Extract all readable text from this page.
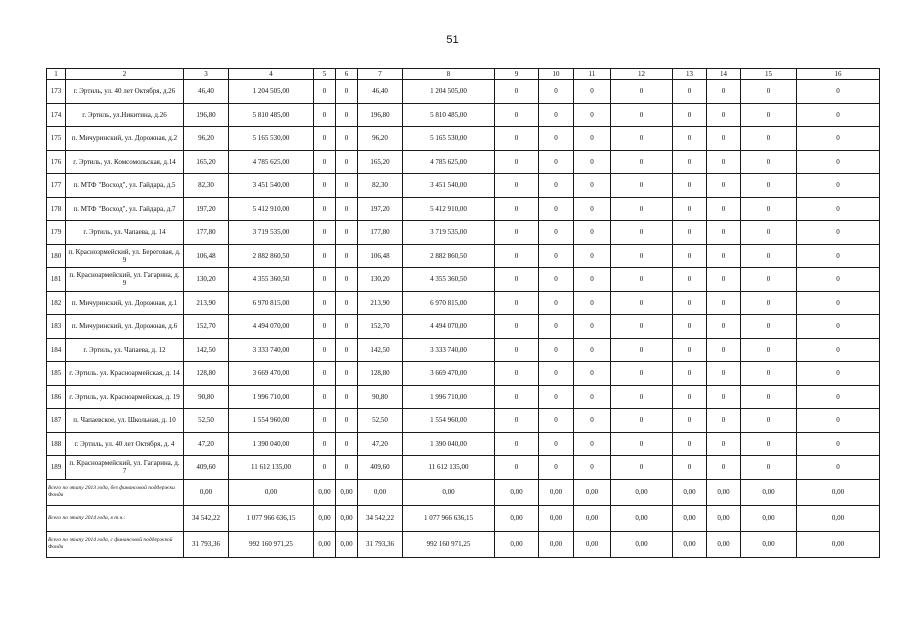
51
1	2	3	4	5	6	7	8	9	10	11	12	13	14	15	16
173	г. Эртиль, ул. 40 лет Октября, д.26	46,40	1 204 505,00	0	0	46,40	1 204 505,00	0	0	0	0	0	0	0	0
174	г. Эртиль, ул.Никитина, д.26	196,80	5 810 485,00	0	0	196,80	5 810 485,00	0	0	0	0	0	0	0	0
175	п. Мичуринский, ул. Дорожная, д.2	96,20	5 165 530,00	0	0	96,20	5 165 530,00	0	0	0	0	0	0	0	0
176	г. Эртиль, ул. Комсомольская, д.14	165,20	4 785 625,00	0	0	165,20	4 785 625,00	0	0	0	0	0	0	0	0
177	п. МТФ "Восход", ул. Гайдара, д.5	82,30	3 451 540,00	0	0	82,30	3 451 540,00	0	0	0	0	0	0	0	0
178	п. МТФ "Восход", ул. Гайдара, д.7	197,20	5 412 910,00	0	0	197,20	5 412 910,00	0	0	0	0	0	0	0	0
179	г. Эртиль, ул. Чапаева, д. 14	177,80	3 719 535,00	0	0	177,80	3 719 535,00	0	0	0	0	0	0	0	0
180	п. Краснозрмейский, ул. Береговая, д. 9	106,48	2 882 860,50	0	0	106,48	2 882 860,50	0	0	0	0	0	0	0	0
181	п. Красноармейский, ул. Гагарина, д. 9	130,20	4 355 360,50	0	0	130,20	4 355 360,50	0	0	0	0	0	0	0	0
182	п. Мичуринский, ул. Дорожная, д.1	213,90	6 970 815,00	0	0	213,90	6 970 815,00	0	0	0	0	0	0	0	0
183	п. Мичуринский, ул. Дорожная, д.6	152,70	4 494 070,00	0	0	152,70	4 494 070,00	0	0	0	0	0	0	0	0
184	г. Эртиль, ул. Чапаева, д. 12	142,50	3 333 740,00	0	0	142,50	3 333 740,00	0	0	0	0	0	0	0	0
185	г. Эртиль. ул. Красноармейская, д. 14	128,80	3 669 470,00	0	0	128,80	3 669 470,00	0	0	0	0	0	0	0	0
186	г. Эртиль, ул. Красноармейская, д. 19	90,80	1 996 710,00	0	0	90,80	1 996 710,00	0	0	0	0	0	0	0	0
187	п. Чапаевское, ул. Школьная, д. 10	52,50	1 554 960,00	0	0	52,50	1 554 960,00	0	0	0	0	0	0	0	0
188	г. Эртиль, ул. 40 лет Октября, д. 4	47,20	1 390 040,00	0	0	47,20	1 390 040,00	0	0	0	0	0	0	0	0
189	п. Красноармейский, ул. Гагарина, д. 7	409,60	11 612 135,00	0	0	409,60	11 612 135,00	0	0	0	0	0	0	0	0
Всего по этапу 2013 года, без финансовой поддержки Фонда		0,00	0,00	0,00	0,00	0,00	0,00	0,00	0,00	0,00	0,00	0,00	0,00	0,00	0,00
Всего по этапу 2014 года, в т.ч.:		34 542,22	1 077 966 636,15	0,00	0,00	34 542,22	1 077 966 636,15	0,00	0,00	0,00	0,00	0,00	0,00	0,00	0,00
Всего по этапу 2014 года, с финансовой поддержкой Фонда		31 793,36	992 160 971,25	0,00	0,00	31 793,36	992 160 971,25	0,00	0,00	0,00	0,00	0,00	0,00	0,00	0,00
